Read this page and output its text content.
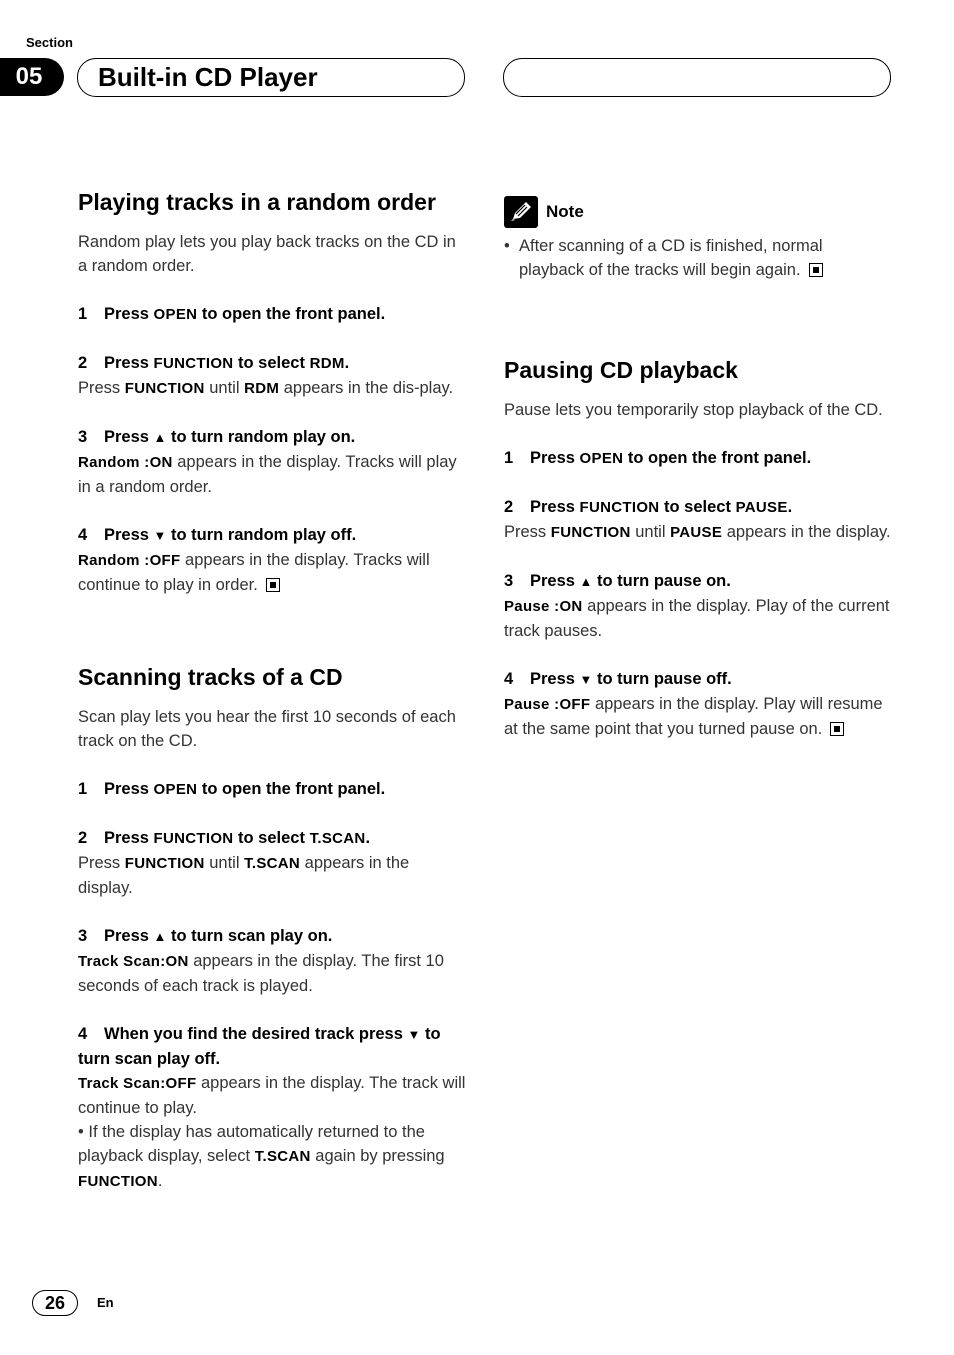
Section
05	Built-in CD Player
Playing tracks in a random order

Random play lets you play back tracks on the CD in a random order.

1 Press OPEN to open the front panel.
2 Press FUNCTION to select RDM.

Press FUNCTION until RDM appears in the dis-play.

3 Press ▲ to turn random play on.

Random :ON appears in the display. Tracks will play in a random order.

4 Press ▼ to turn random play off.

Random :OFF appears in the display. Tracks will continue to play in order.

Scanning tracks of a CD

Scan play lets you hear the first 10 seconds of each track on the CD.

1 Press OPEN to open the front panel.
2 Press FUNCTION to select T.SCAN.

Press FUNCTION until T.SCAN appears in the display.

3 Press ▲ to turn scan play on.

Track Scan:ON appears in the display. The first 10 seconds of each track is played.

4 When you find the desired track press ▼ to turn scan play off.

Track Scan:OFF appears in the display. The track will continue to play.

• If the display has automatically returned to the playback display, select T.SCAN again by pressing FUNCTION.

Note
• After scanning of a CD is finished, normal playback of the tracks will begin again.
Pausing CD playback

Pause lets you temporarily stop playback of the CD.

1 Press OPEN to open the front panel.
2 Press FUNCTION to select PAUSE.

Press FUNCTION until PAUSE appears in the display.

3 Press ▲ to turn pause on.

Pause :ON appears in the display. Play of the current track pauses.

4 Press ▼ to turn pause off.

Pause :OFF appears in the display. Play will resume at the same point that you turned pause on.

26	En
